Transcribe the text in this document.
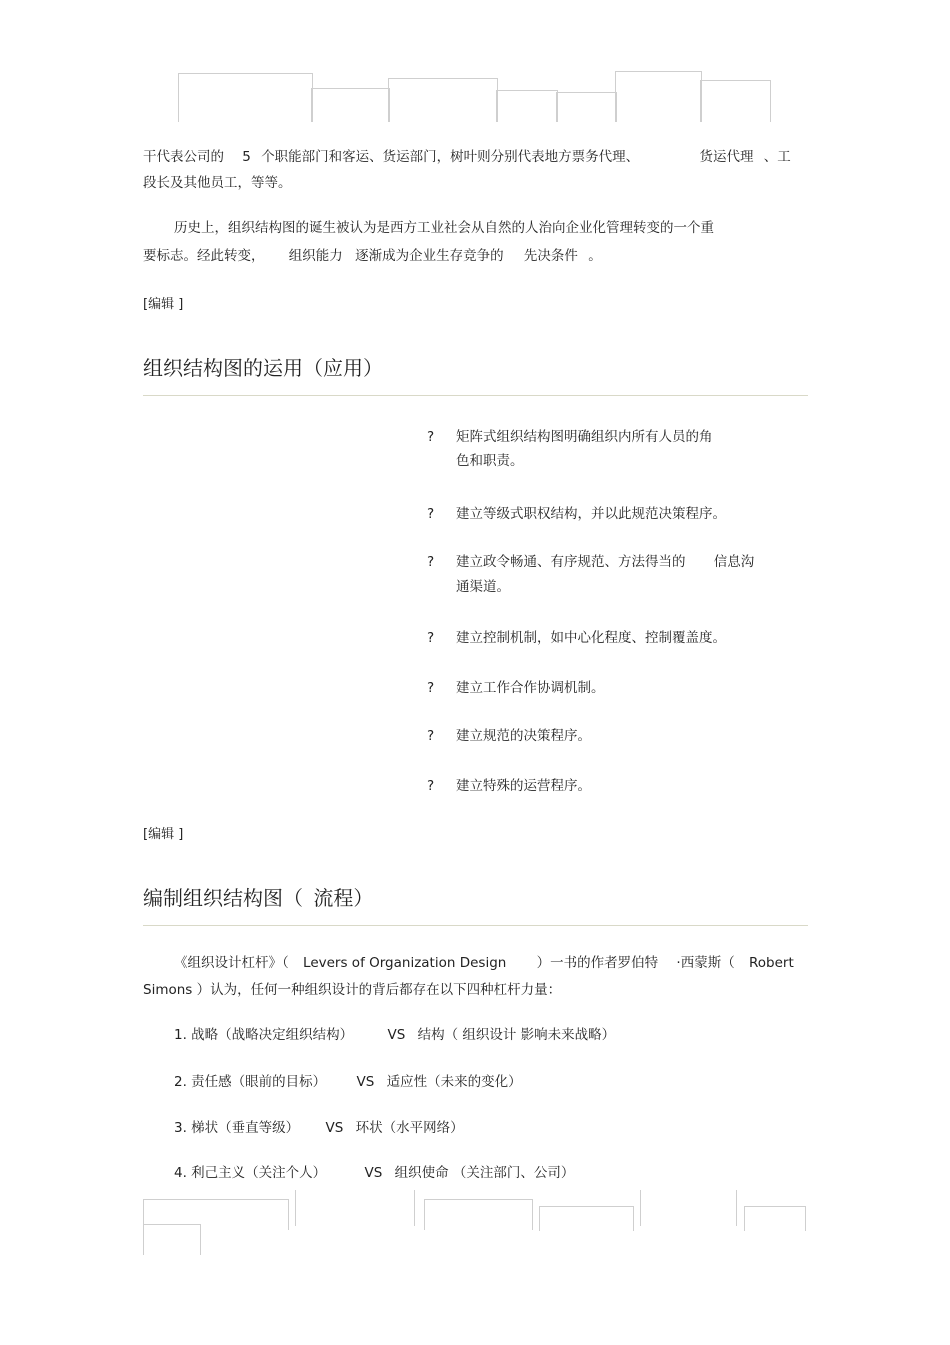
干代表公司的 5 个职能部门和客运、货运部门，树叶则分别代表地方票务代理、	货运代理 、工
段长及其他员工，等等。
历史上，组织结构图的诞生被认为是西方工业社会从自然的人治向企业化管理转变的一个重
要标志。经此转变， 组织能力 逐渐成为企业生存竞争的 先决条件 。
[编辑 ]
组织结构图的运用（应用）
? 矩阵式组织结构图明确组织内所有人员的角
色和职责。
? 建立等级式职权结构，并以此规范决策程序。
? 建立政令畅通、有序规范、方法得当的 信息沟
通渠道。
? 建立控制机制，如中心化程度、控制覆盖度。
? 建立工作合作协调机制。
? 建立规范的决策程序。
? 建立特殊的运营程序。
[编辑 ]
编制组织结构图（ 流程）
《组织设计杠杆》（ Levers of Organization Design ）一书的作者罗伯特 ·西蒙斯（ Robert
Simons ）认为，任何一种组织设计的背后都存在以下四种杠杆力量：
1. 战略（战略决定组织结构）	VS 结构（ 组织设计 影响未来战略）
2. 责任感（眼前的目标） VS 适应性（未来的变化）
3. 梯状（垂直等级） VS 环状（水平网络）
4. 利己主义（关注个人）	VS 组织使命 （关注部门、公司）
